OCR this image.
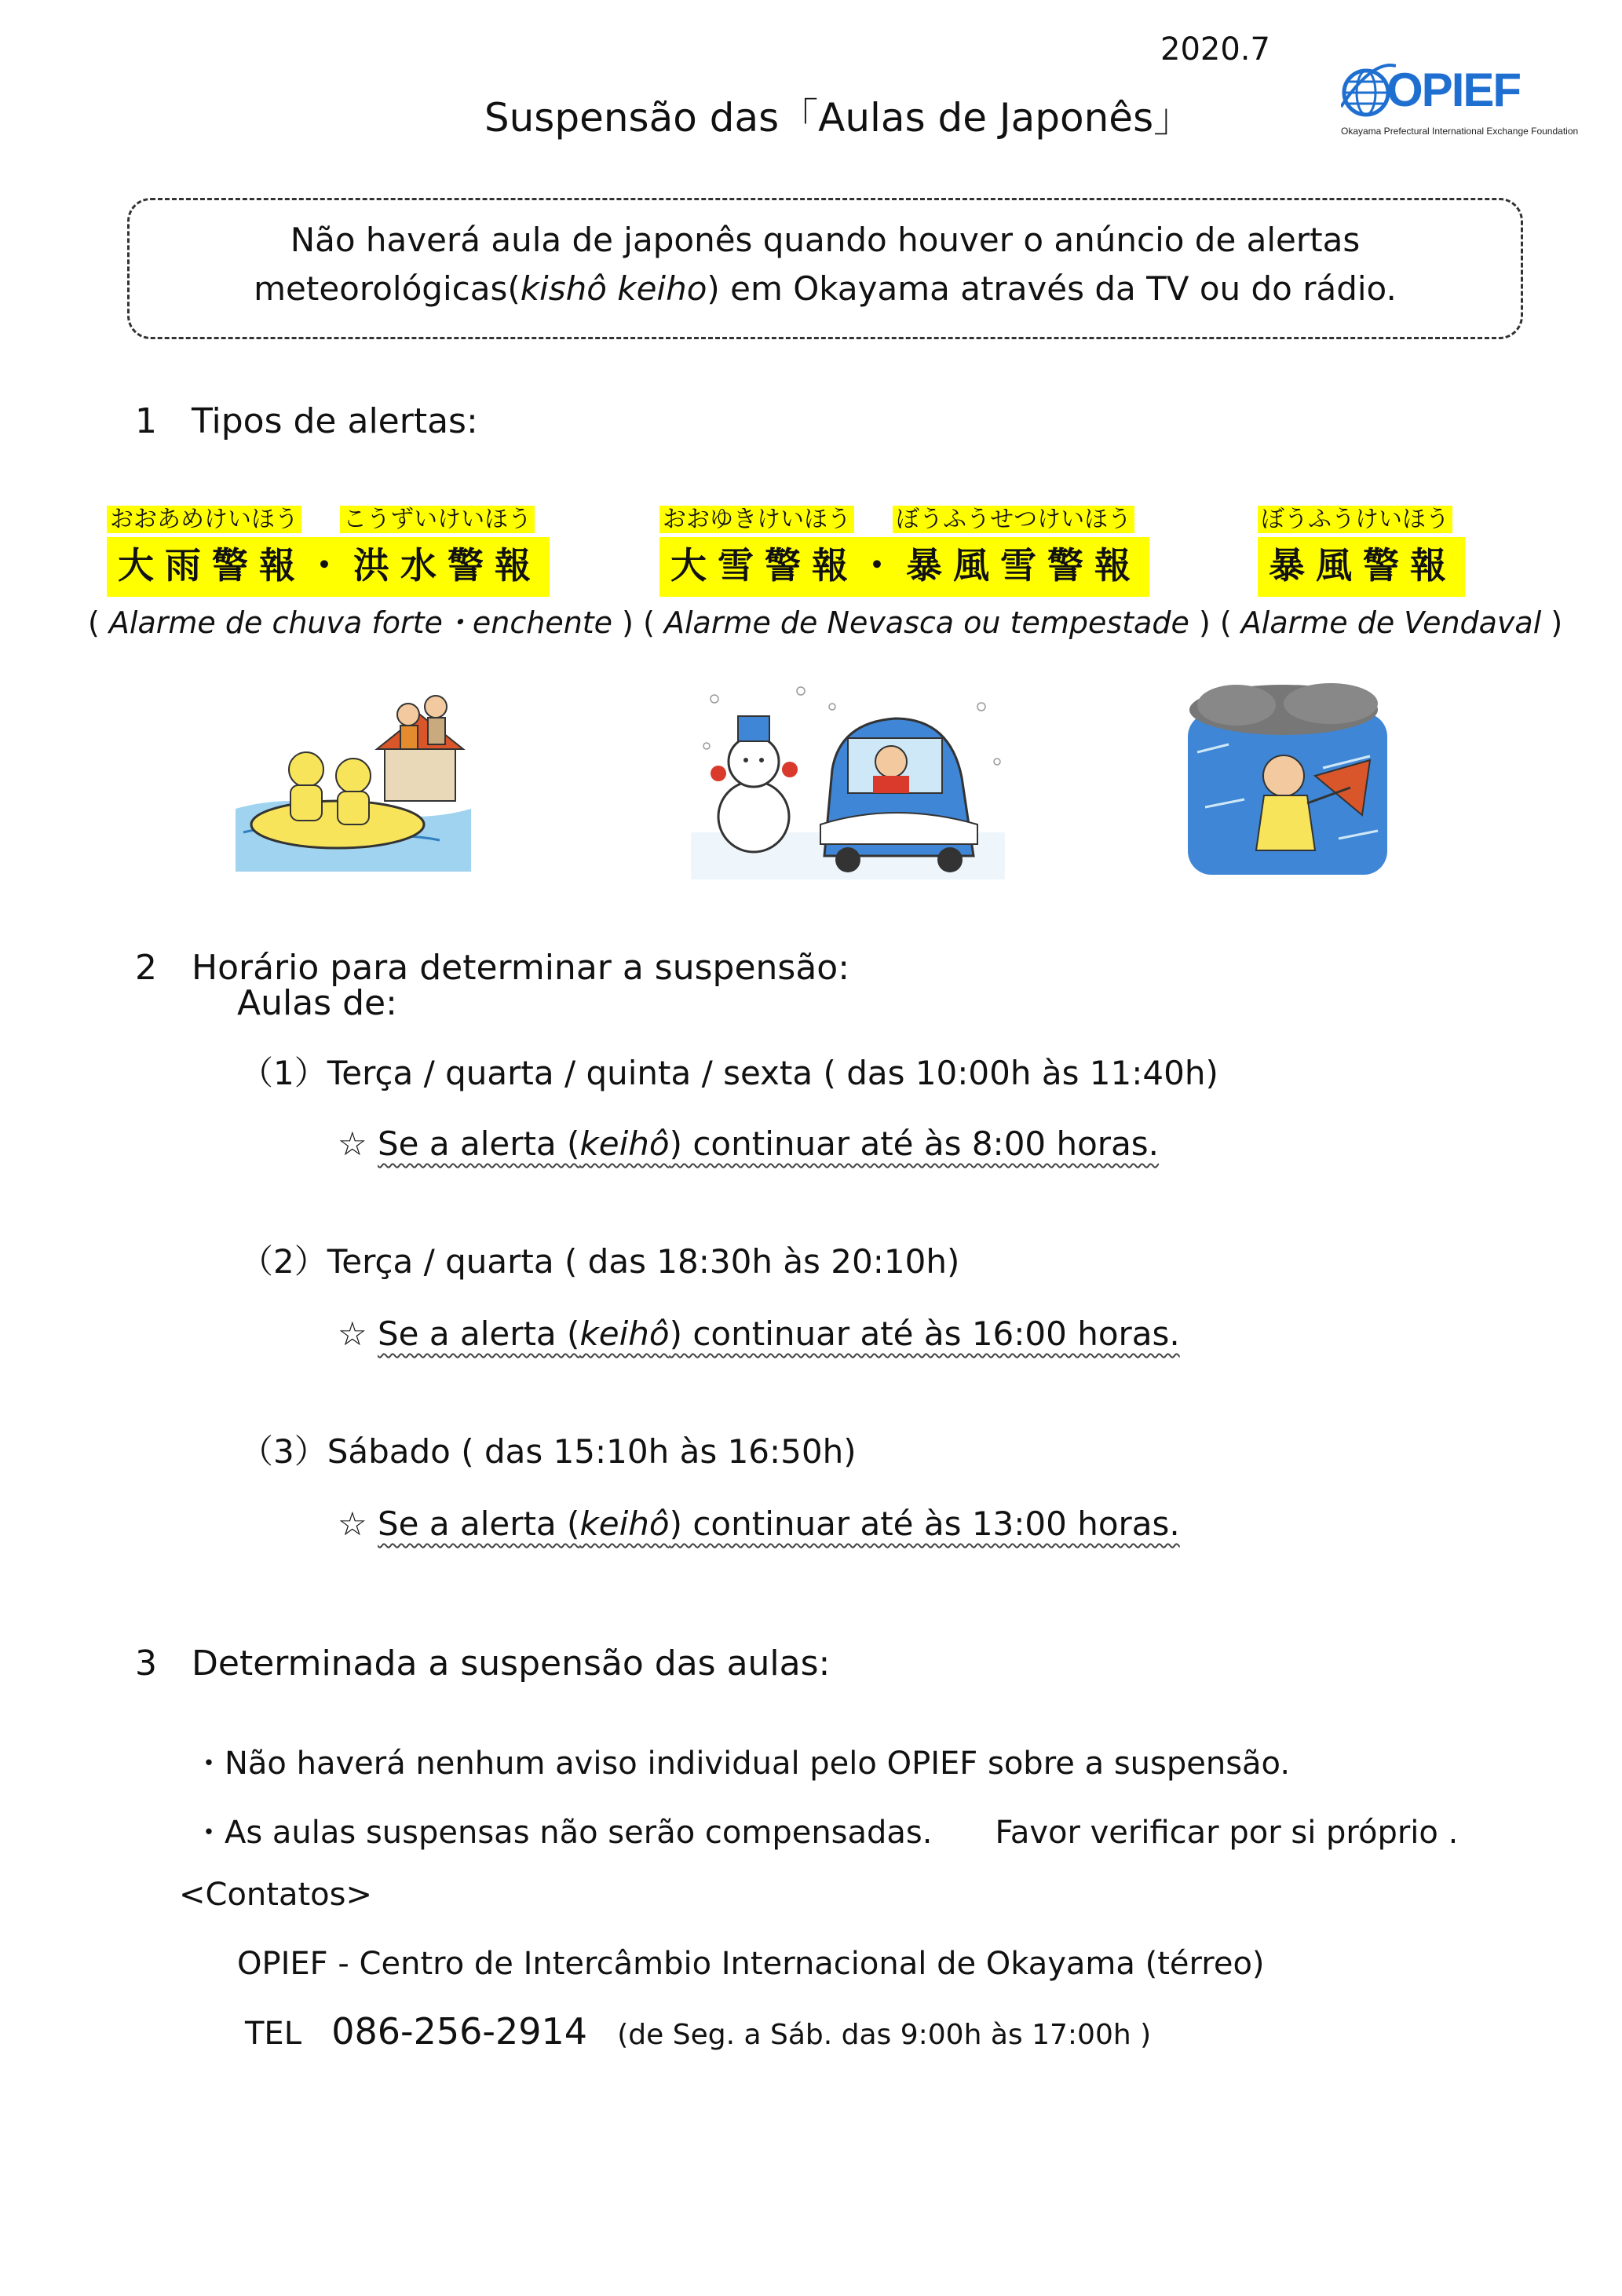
2020.7
OPIEF
Okayama Prefectural International Exchange Foundation
Suspensão das「Aulas de Japonês」
Não haverá aula de japonês quando houver o anúncio de alertas
meteorológicas(kishô keiho) em Okayama através da TV ou do rádio.
1　Tipos de alertas:
おおあめけいほう こうずいけいほう
大雨警報・洪水警報
おおゆきけいほう ぼうふうせつけいほう
大雪警報・暴風雪警報
ぼうふうけいほう
暴風警報
( Alarme de chuva forte・enchente ) ( Alarme de Nevasca ou tempestade ) ( Alarme de Vendaval )
2　Horário para determinar a suspensão:
Aulas de:
（1）Terça / quarta / quinta / sexta ( das 10:00h às 11:40h)
☆ Se a alerta (keihô) continuar até às 8:00 horas.
（2）Terça / quarta ( das 18:30h às 20:10h)
☆ Se a alerta (keihô) continuar até às 16:00 horas.
（3）Sábado ( das 15:10h às 16:50h)
☆ Se a alerta (keihô) continuar até às 13:00 horas.
3　Determinada a suspensão das aulas:
・Não haverá nenhum aviso individual pelo OPIEF sobre a suspensão.
・As aulas suspensas não serão compensadas.　　Favor verificar por si próprio .
<Contatos>
OPIEF - Centro de Intercâmbio Internacional de Okayama (térreo)
TEL 086-256-2914 (de Seg. a Sáb. das 9:00h às 17:00h )
